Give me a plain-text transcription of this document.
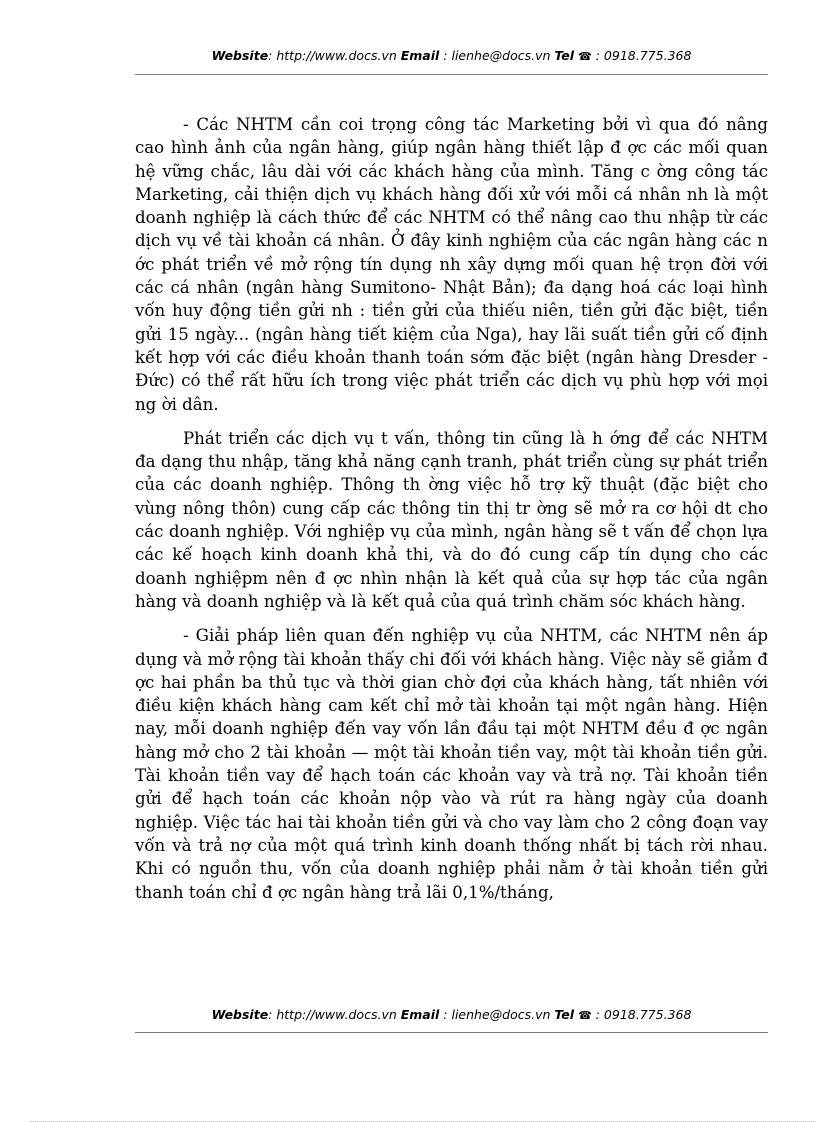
Website: http://www.docs.vn Email : lienhe@docs.vn Tel ☎ : 0918.775.368

- Các NHTM cần coi trọng công tác Marketing bởi vì qua đó nâng cao hình ảnh của ngân hàng, giúp ngân hàng thiết lập đ ợc các mối quan hệ vững chắc, lâu dài với các khách hàng của mình. Tăng c ờng công tác Marketing, cải thiện dịch vụ khách hàng đối xử với mỗi cá nhân nh là một doanh nghiệp là cách thức để các NHTM có thể nâng cao thu nhập từ các dịch vụ về tài khoản cá nhân. Ở đây kinh nghiệm của các ngân hàng các n ớc phát triển về mở rộng tín dụng nh xây dựng mối quan hệ trọn đời với các cá nhân (ngân hàng Sumitono- Nhật Bản); đa dạng hoá các loại hình vốn huy động tiền gửi nh : tiền gửi của thiếu niên, tiền gửi đặc biệt, tiền gửi 15 ngày... (ngân hàng tiết kiệm của Nga), hay lãi suất tiền gửi cố định kết hợp với các điều khoản thanh toán sớm đặc biệt (ngân hàng Dresder - Đức) có thể rất hữu ích trong việc phát triển các dịch vụ phù hợp với mọi ng ời dân.

Phát triển các dịch vụ t vấn, thông tin cũng là h ớng để các NHTM đa dạng thu nhập, tăng khả năng cạnh tranh, phát triển cùng sự phát triển của các doanh nghiệp. Thông th ờng việc hỗ trợ kỹ thuật (đặc biệt cho vùng nông thôn) cung cấp các thông tin thị tr ờng sẽ mở ra cơ hội dt cho các doanh nghiệp. Với nghiệp vụ của mình, ngân hàng sẽ t vấn để chọn lựa các kế hoạch kinh doanh khả thi, và do đó cung cấp tín dụng cho các doanh nghiệpm nên đ ợc nhìn nhận là kết quả của sự hợp tác của ngân hàng và doanh nghiệp và là kết quả của quá trình chăm sóc khách hàng.

- Giải pháp liên quan đến nghiệp vụ của NHTM, các NHTM nên áp dụng và mở rộng tài khoản thấy chi đối với khách hàng. Việc này sẽ giảm đ ợc hai phần ba thủ tục và thời gian chờ đợi của khách hàng, tất nhiên với điều kiện khách hàng cam kết chỉ mở tài khoản tại một ngân hàng. Hiện nay, mỗi doanh nghiệp đến vay vốn lần đầu tại một NHTM đều đ ợc ngân hàng mở cho 2 tài khoản — một tài khoản tiền vay, một tài khoản tiền gửi. Tài khoản tiền vay để hạch toán các khoản vay và trả nợ. Tài khoản tiền gửi để hạch toán các khoản nộp vào và rút ra hàng ngày của doanh nghiệp. Việc tác hai tài khoản tiền gửi và cho vay làm cho 2 công đoạn vay vốn và trả nợ của một quá trình kinh doanh thống nhất bị tách rời nhau. Khi có nguồn thu, vốn của doanh nghiệp phải nằm ở tài khoản tiền gửi thanh toán chỉ đ ợc ngân hàng trả lãi 0,1%/tháng,

Website: http://www.docs.vn Email : lienhe@docs.vn Tel ☎ : 0918.775.368
